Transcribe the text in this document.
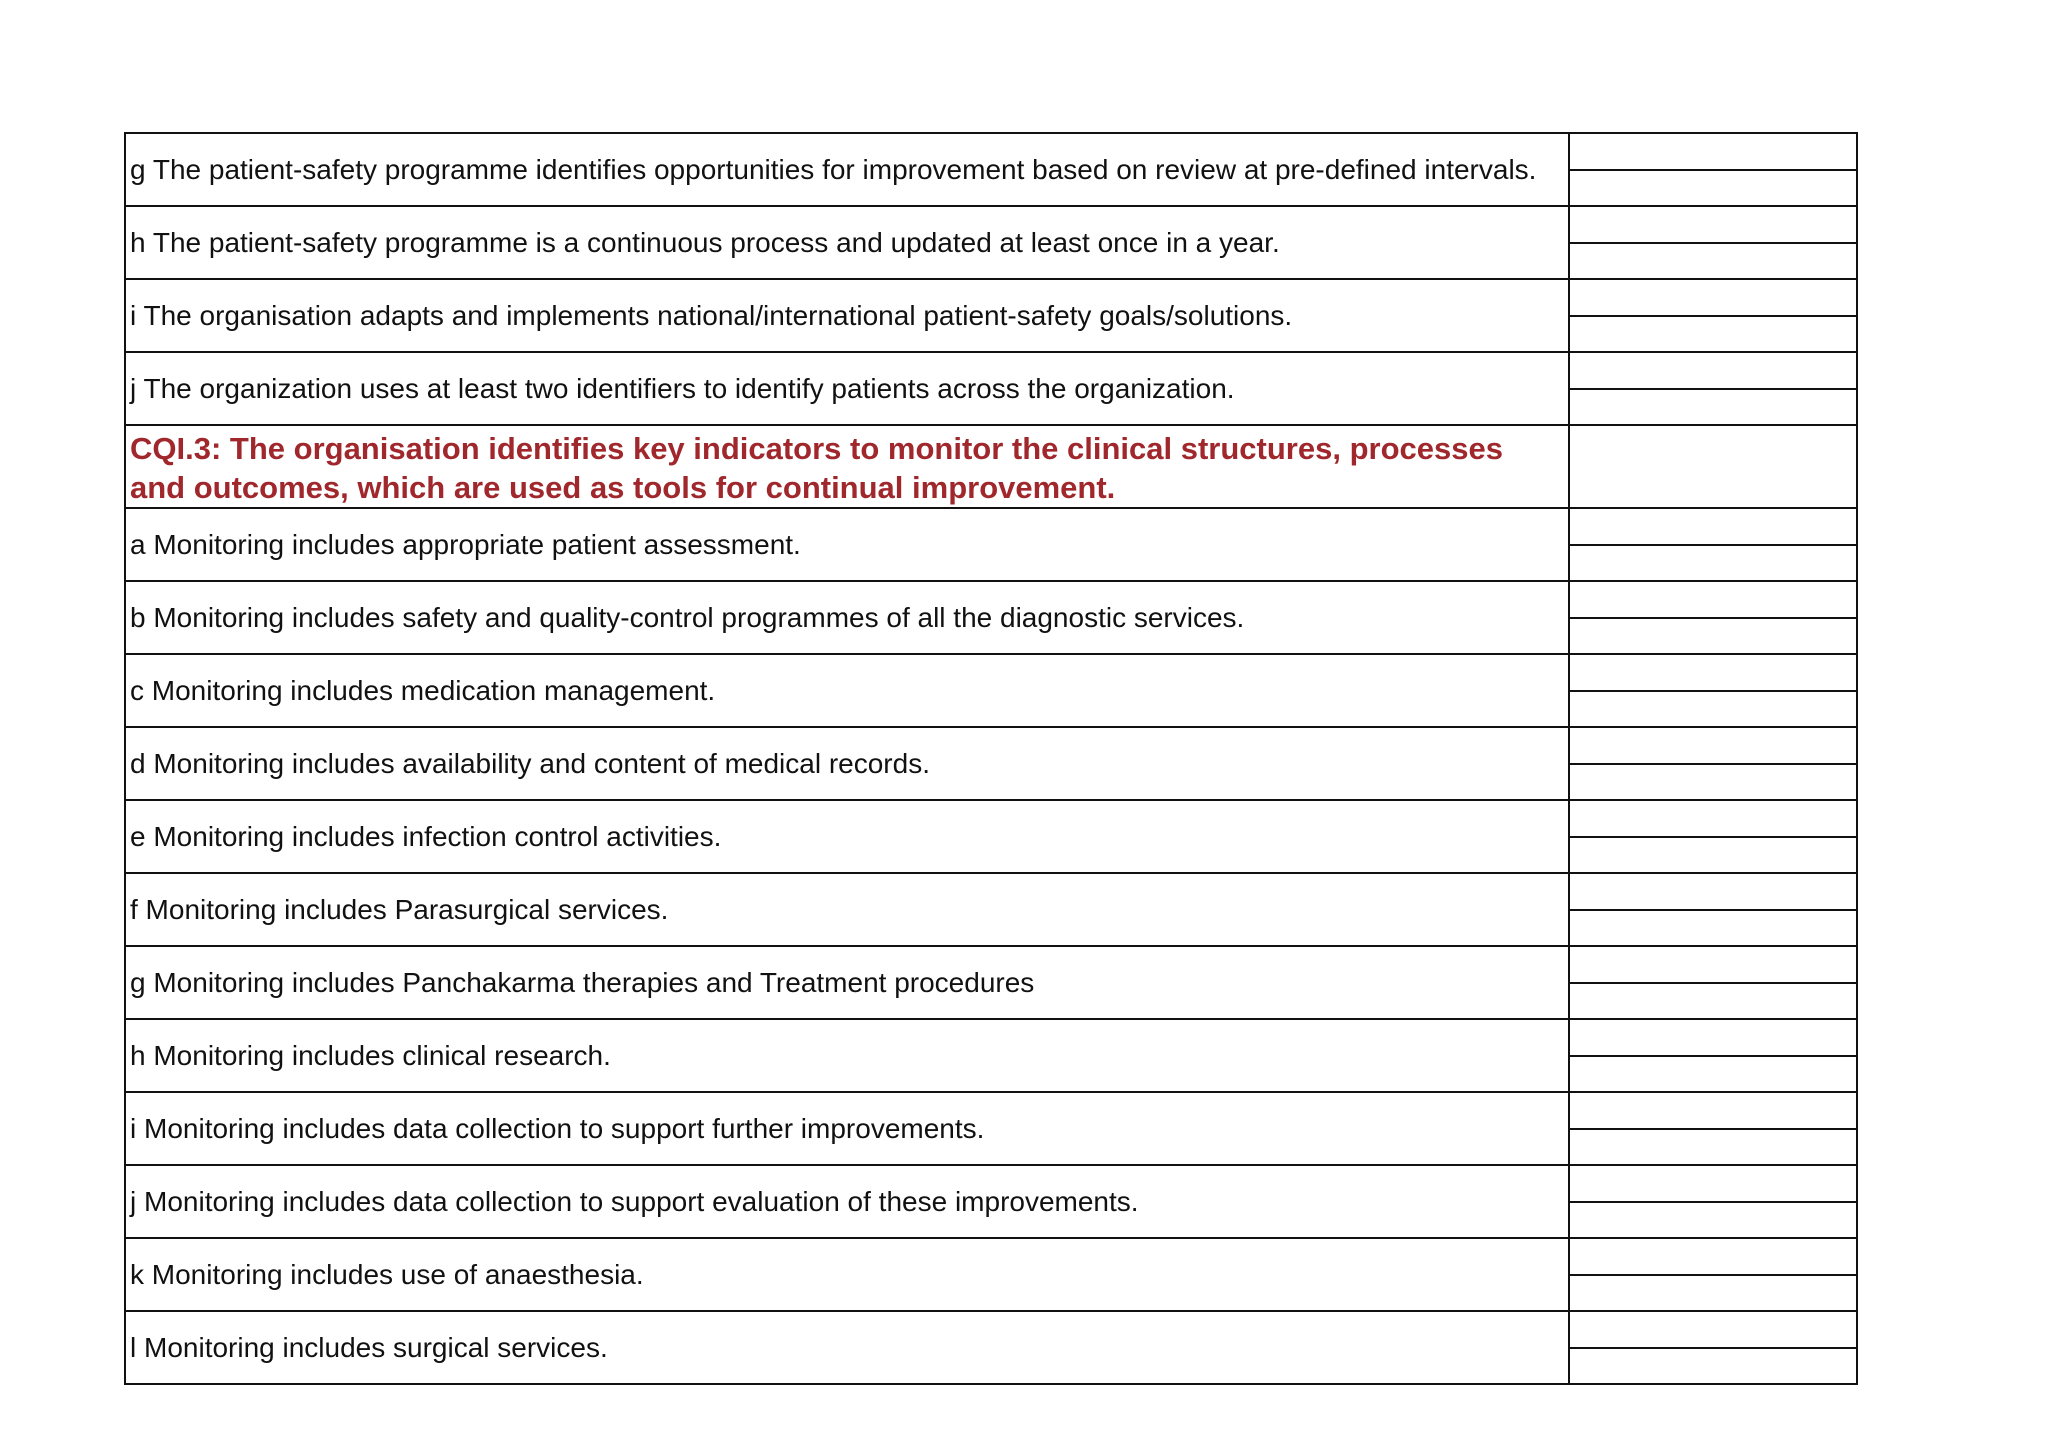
g The patient-safety programme identifies opportunities for improvement based on review at pre-defined intervals.	

h The patient-safety programme is a continuous process and updated at least once in a year.	

i The organisation adapts and implements national/international patient-safety goals/solutions.	

j The organization uses at least two identifiers to identify patients across the organization.	

CQI.3: The organisation identifies key indicators to monitor the clinical structures, processes and outcomes, which are used as tools for continual improvement.	
a Monitoring includes appropriate patient assessment.	

b Monitoring includes safety and quality-control programmes of all the diagnostic services.	

c Monitoring includes medication management.	

d Monitoring includes availability and content of medical records.	

e Monitoring includes infection control activities.	

f Monitoring includes Parasurgical services.	

g Monitoring includes Panchakarma therapies and Treatment procedures	

h Monitoring includes clinical research.	

i Monitoring includes data collection to support further improvements.	

j Monitoring includes data collection to support evaluation of these improvements.	

k Monitoring includes use of anaesthesia.	

l Monitoring includes surgical services.	
